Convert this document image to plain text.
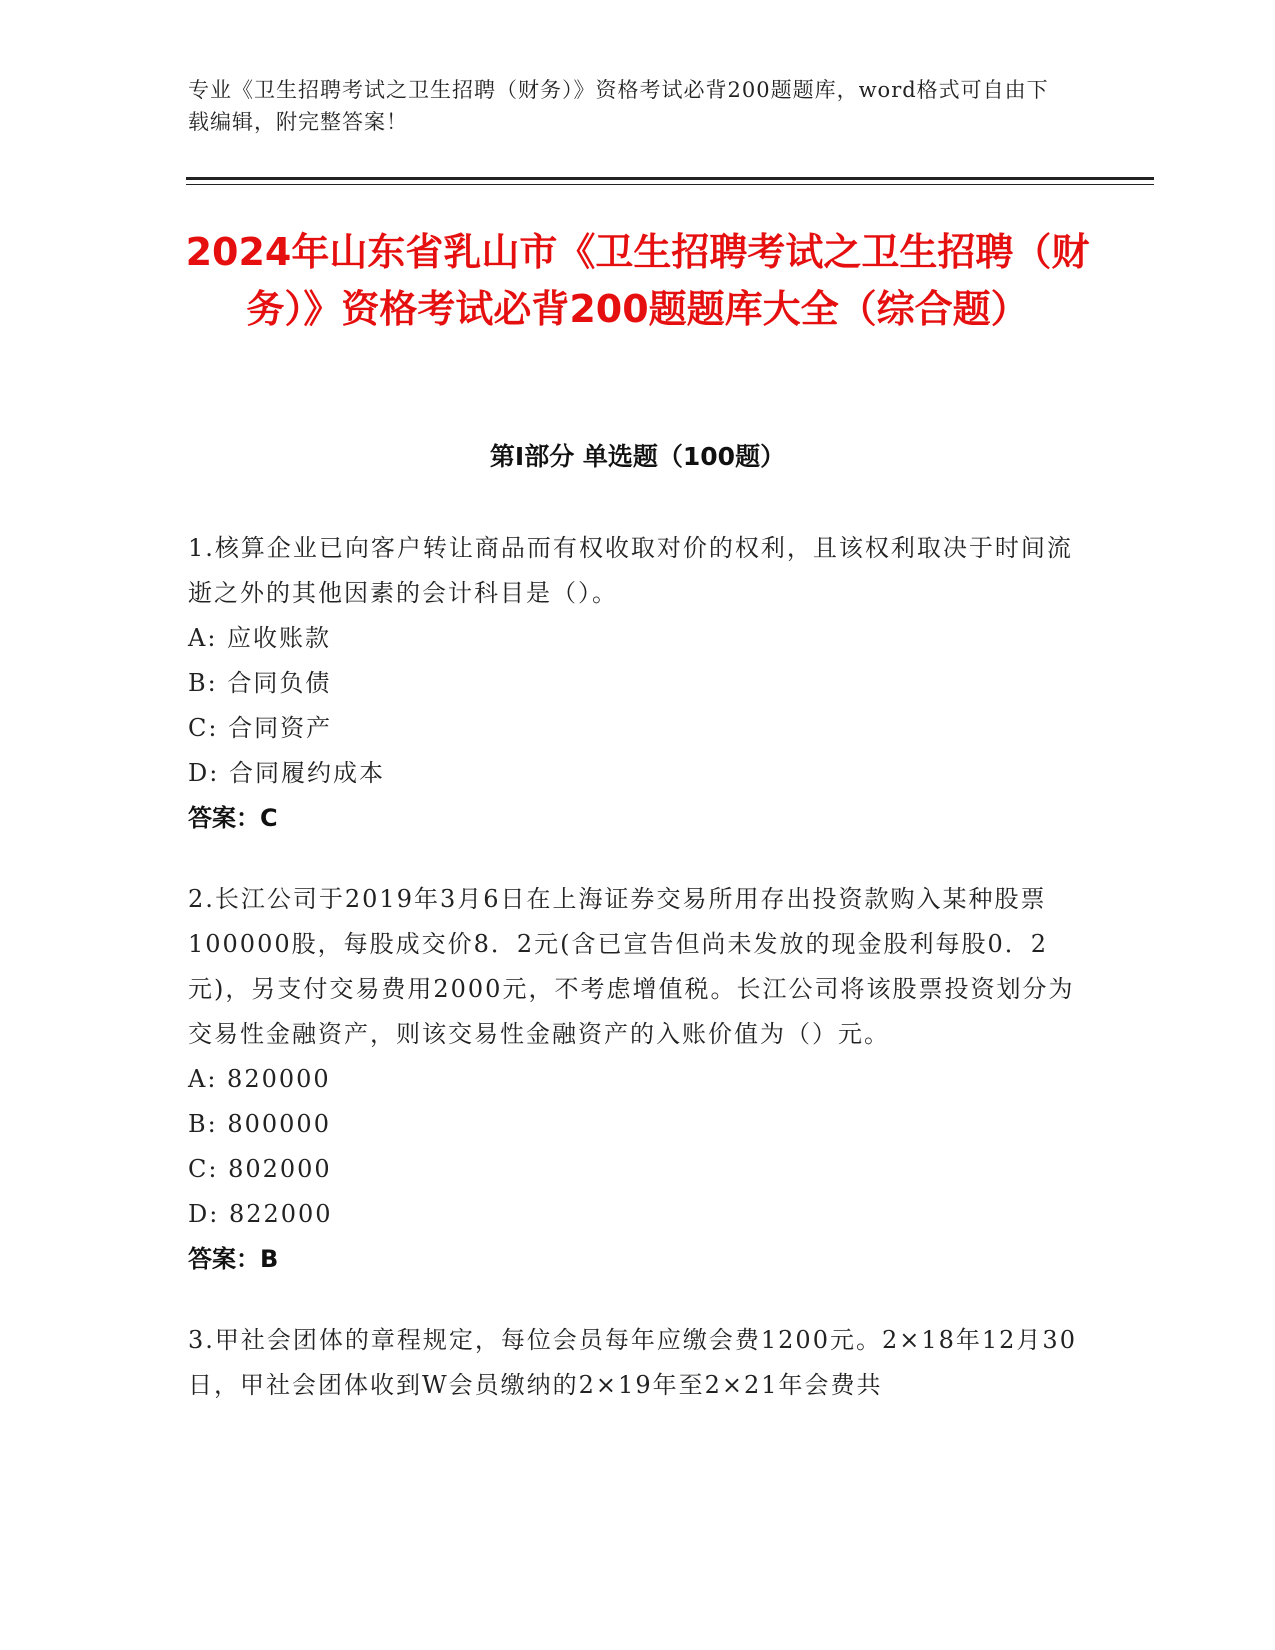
专业《卫生招聘考试之卫生招聘（财务）》资格考试必背200题题库，word格式可自由下载编辑，附完整答案！
2024年山东省乳山市《卫生招聘考试之卫生招聘（财务）》资格考试必背200题题库大全（综合题）
第I部分 单选题（100题）
1.核算企业已向客户转让商品而有权收取对价的权利，且该权利取决于时间流逝之外的其他因素的会计科目是（）。
A: 应收账款
B: 合同负债
C: 合同资产
D: 合同履约成本
答案：C
2.长江公司于2019年3月6日在上海证券交易所用存出投资款购入某种股票100000股，每股成交价8．2元(含已宣告但尚未发放的现金股利每股0．2元)，另支付交易费用2000元，不考虑增值税。长江公司将该股票投资划分为交易性金融资产，则该交易性金融资产的入账价值为（）元。
A: 820000
B: 800000
C: 802000
D: 822000
答案：B
3.甲社会团体的章程规定，每位会员每年应缴会费1200元。2×18年12月30日，甲社会团体收到W会员缴纳的2×19年至2×21年会费共
